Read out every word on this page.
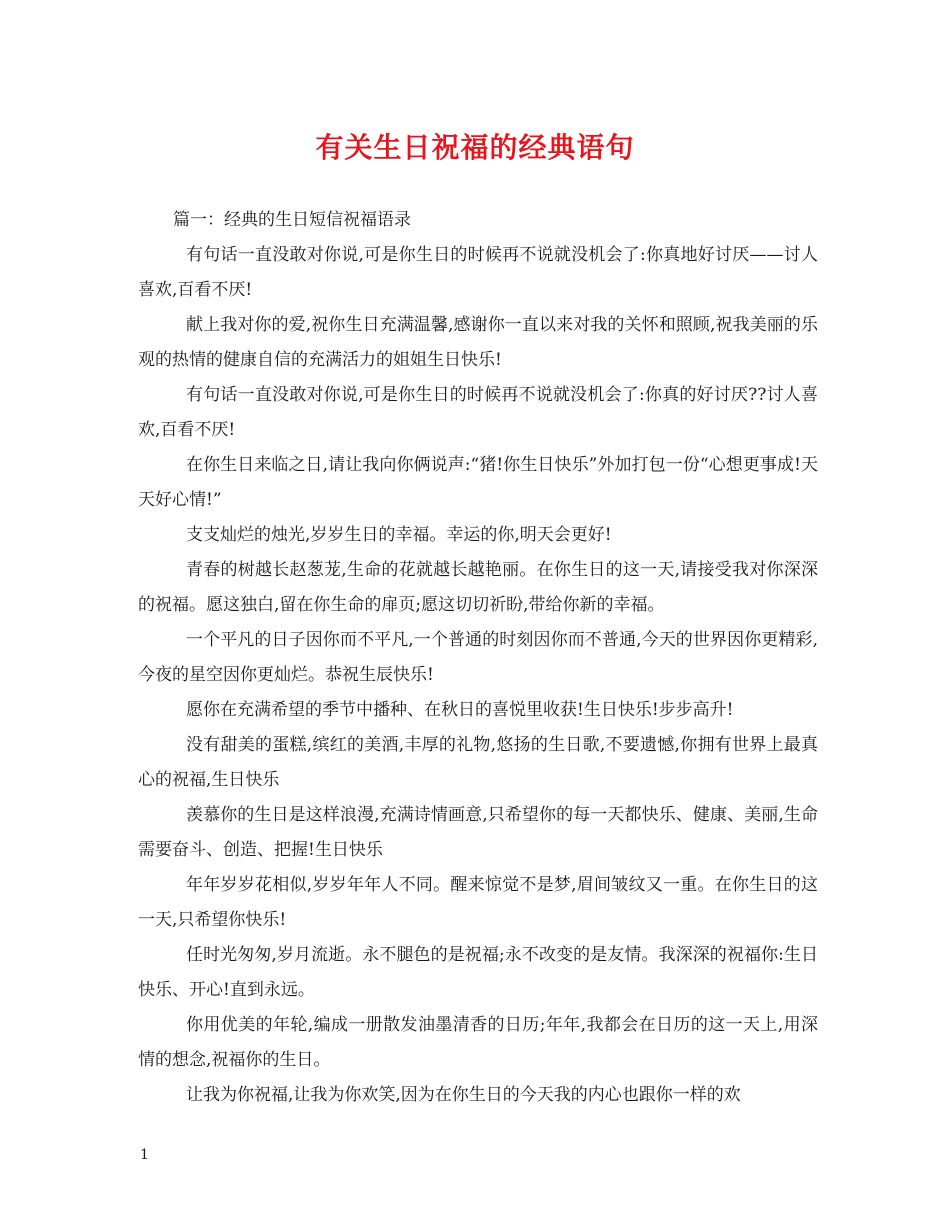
有关生日祝福的经典语句
篇一：经典的生日短信祝福语录

有句话一直没敢对你说,可是你生日的时候再不说就没机会了:你真地好讨厌——讨人喜欢,百看不厌!

献上我对你的爱,祝你生日充满温馨,感谢你一直以来对我的关怀和照顾,祝我美丽的乐观的热情的健康自信的充满活力的姐姐生日快乐!

有句话一直没敢对你说,可是你生日的时候再不说就没机会了:你真的好讨厌??讨人喜欢,百看不厌!

在你生日来临之日,请让我向你俩说声:“猪!你生日快乐”外加打包一份“心想更事成!天天好心情!”

支支灿烂的烛光,岁岁生日的幸福。幸运的你,明天会更好!

青春的树越长赵葱茏,生命的花就越长越艳丽。在你生日的这一天,请接受我对你深深的祝福。愿这独白,留在你生命的扉页;愿这切切祈盼,带给你新的幸福。

一个平凡的日子因你而不平凡,一个普通的时刻因你而不普通,今天的世界因你更精彩,今夜的星空因你更灿烂。恭祝生辰快乐!

愿你在充满希望的季节中播种、在秋日的喜悦里收获!生日快乐!步步高升!

没有甜美的蛋糕,缤红的美酒,丰厚的礼物,悠扬的生日歌,不要遗憾,你拥有世界上最真心的祝福,生日快乐

羡慕你的生日是这样浪漫,充满诗情画意,只希望你的每一天都快乐、健康、美丽,生命需要奋斗、创造、把握!生日快乐

年年岁岁花相似,岁岁年年人不同。醒来惊觉不是梦,眉间皱纹又一重。在你生日的这一天,只希望你快乐!

任时光匆匆,岁月流逝。永不腿色的是祝福;永不改变的是友情。我深深的祝福你:生日快乐、开心!直到永远。

你用优美的年轮,编成一册散发油墨清香的日历;年年,我都会在日历的这一天上,用深情的想念,祝福你的生日。

让我为你祝福,让我为你欢笑,因为在你生日的今天我的内心也跟你一样的欢

1
